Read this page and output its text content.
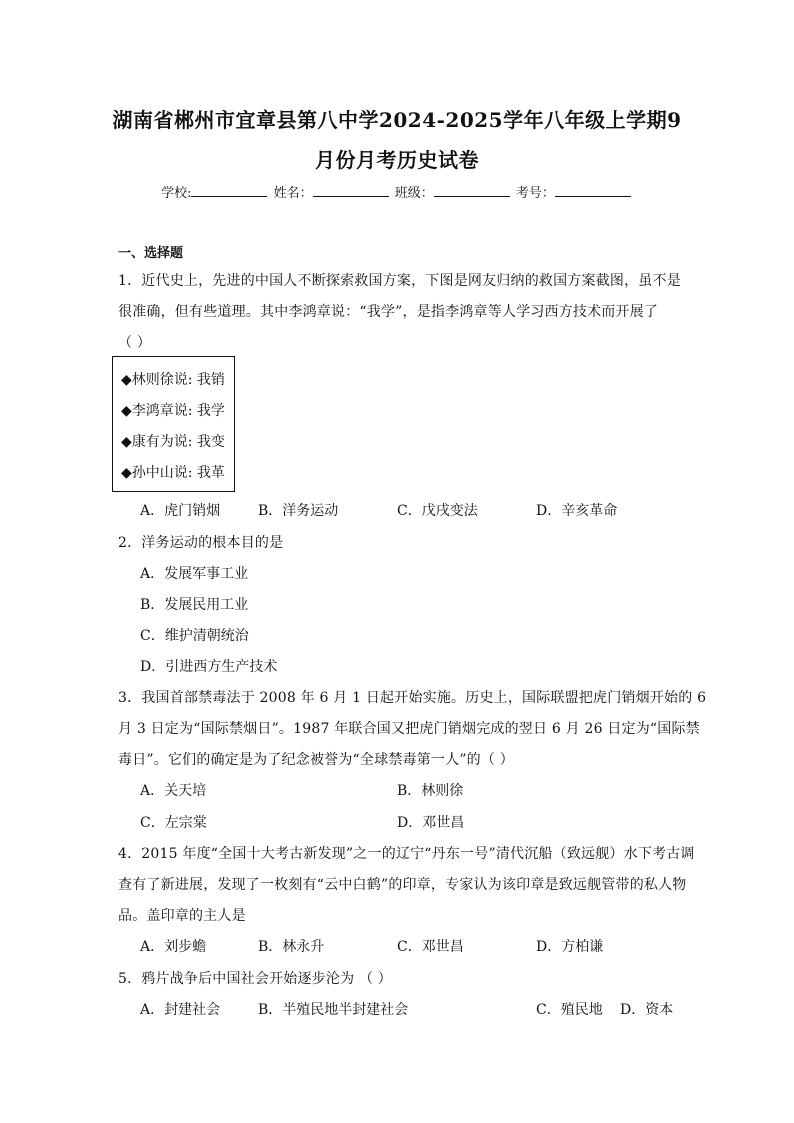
湖南省郴州市宜章县第八中学2024-2025学年八年级上学期9
月份月考历史试卷
学校:	姓名：	班级：	考号：
一、选择题
1．近代史上，先进的中国人不断探索救国方案，下图是网友归纳的救国方案截图，虽不是
很准确，但有些道理。其中李鸿章说：“我学”，是指李鸿章等人学习西方技术而开展了
（ ）
◆林则徐说: 我销
◆李鸿章说: 我学
◆康有为说: 我变
◆孙中山说: 我革
A．虎门销烟	B．洋务运动	C．戊戌变法	D．辛亥革命
2．洋务运动的根本目的是
A．发展军事工业
B．发展民用工业
C．维护清朝统治
D．引进西方生产技术
3．我国首部禁毒法于 2008 年 6 月 1 日起开始实施。历史上，国际联盟把虎门销烟开始的 6
月 3 日定为“国际禁烟日”。1987 年联合国又把虎门销烟完成的翌日 6 月 26 日定为“国际禁
毒日”。它们的确定是为了纪念被誉为“全球禁毒第一人”的（ ）
A．关天培	B．林则徐
C．左宗棠	D．邓世昌
4．2015 年度“全国十大考古新发现”之一的辽宁“丹东一号”清代沉船（致远舰）水下考古调
查有了新进展，发现了一枚刻有“云中白鹤”的印章，专家认为该印章是致远舰管带的私人物
品。盖印章的主人是
A．刘步蟾	B．林永升	C．邓世昌	D．方柏谦
5．鸦片战争后中国社会开始逐步沦为 （ ）
A．封建社会	B．半殖民地半封建社会	C．殖民地 D．资本
